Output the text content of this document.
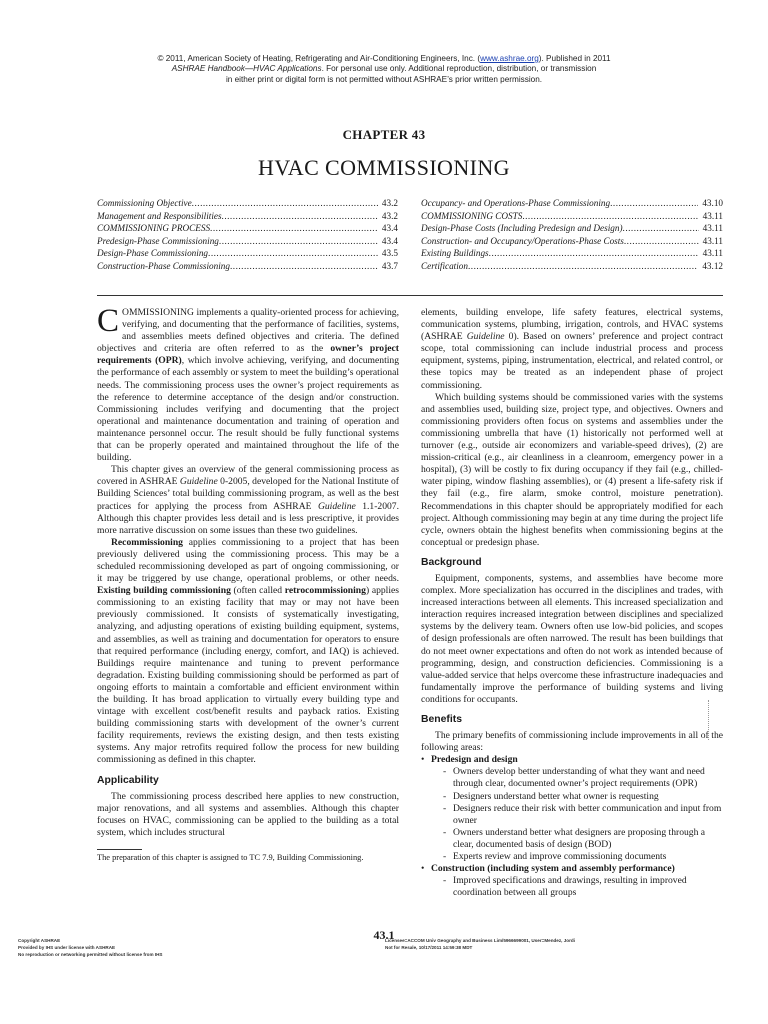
© 2011, American Society of Heating, Refrigerating and Air-Conditioning Engineers, Inc. (www.ashrae.org). Published in 2011
ASHRAE Handbook—HVAC Applications. For personal use only. Additional reproduction, distribution, or transmission
in either print or digital form is not permitted without ASHRAE’s prior written permission.
CHAPTER 43
HVAC COMMISSIONING
Commissioning Objective .....	43.2
Management and Responsibilities .....	43.2
COMMISSIONING PROCESS .....	43.4
Predesign-Phase Commissioning .....	43.4
Design-Phase Commissioning .....	43.5
Construction-Phase Commissioning .....	43.7
Occupancy- and Operations-Phase Commissioning .....	43.10
COMMISSIONING COSTS .....	43.11
Design-Phase Costs (Including Predesign and Design) .....	43.11
Construction- and Occupancy/Operations-Phase Costs .....	43.11
Existing Buildings .....	43.11
Certification .....	43.12

COMMISSIONING implements a quality-oriented process for achieving, verifying, and documenting that the performance of facilities, systems, and assemblies meets defined objectives and criteria. The defined objectives and criteria are often referred to as the owner’s project requirements (OPR), which involve achieving, verifying, and documenting the performance of each assembly or system to meet the building’s operational needs. The commissioning process uses the owner’s project requirements as the reference to determine acceptance of the design and/or construction. Commissioning includes verifying and documenting that the project operational and maintenance documentation and training of operation and maintenance personnel occur. The result should be fully functional systems that can be properly operated and maintained throughout the life of the building.

This chapter gives an overview of the general commissioning process as covered in ASHRAE Guideline 0-2005, developed for the National Institute of Building Sciences’ total building commissioning program, as well as the best practices for applying the process from ASHRAE Guideline 1.1-2007. Although this chapter provides less detail and is less prescriptive, it provides more narrative discussion on some issues than these two guidelines.

Recommissioning applies commissioning to a project that has been previously delivered using the commissioning process. This may be a scheduled recommissioning developed as part of ongoing commissioning, or it may be triggered by use change, operational problems, or other needs. Existing building commissioning (often called retrocommissioning) applies commissioning to an existing facility that may or may not have been previously commissioned. It consists of systematically investigating, analyzing, and adjusting operations of existing building equipment, systems, and assemblies, as well as training and documentation for operators to ensure that required performance (including energy, comfort, and IAQ) is achieved. Buildings require maintenance and tuning to prevent performance degradation. Existing building commissioning should be performed as part of ongoing efforts to maintain a comfortable and efficient environment within the building. It has broad application to virtually every building type and vintage with excellent cost/benefit results and payback ratios. Existing building commissioning starts with development of the owner’s current facility requirements, reviews the existing design, and then tests existing systems. Any major retrofits required follow the process for new building commissioning as defined in this chapter.

Applicability

The commissioning process described here applies to new construction, major renovations, and all systems and assemblies. Although this chapter focuses on HVAC, commissioning can be applied to the building as a total system, which includes structural

The preparation of this chapter is assigned to TC 7.9, Building Commissioning.

elements, building envelope, life safety features, electrical systems, communication systems, plumbing, irrigation, controls, and HVAC systems (ASHRAE Guideline 0). Based on owners’ preference and project contract scope, total commissioning can include industrial process and process equipment, systems, piping, instrumentation, electrical, and related control, or these topics may be treated as an independent phase of project commissioning.

Which building systems should be commissioned varies with the systems and assemblies used, building size, project type, and objectives. Owners and commissioning providers often focus on systems and assemblies under the commissioning umbrella that have (1) historically not performed well at turnover (e.g., outside air economizers and variable-speed drives), (2) are mission-critical (e.g., air cleanliness in a cleanroom, emergency power in a hospital), (3) will be costly to fix during occupancy if they fail (e.g., chilled-water piping, window flashing assemblies), or (4) present a life-safety risk if they fail (e.g., fire alarm, smoke control, moisture penetration). Recommendations in this chapter should be appropriately modified for each project. Although commissioning may begin at any time during the project life cycle, owners obtain the highest benefits when commissioning begins at the conceptual or predesign phase.

Background

Equipment, components, systems, and assemblies have become more complex. More specialization has occurred in the disciplines and trades, with increased interactions between all elements. This increased specialization and interaction requires increased integration between disciplines and specialized systems by the delivery team. Owners often use low-bid policies, and scopes of design professionals are often narrowed. The result has been buildings that do not meet owner expectations and often do not work as intended because of programming, design, and construction deficiencies. Commissioning is a value-added service that helps overcome these infrastructure inadequacies and fundamentally improve the performance of building systems and living conditions for occupants.

Benefits

The primary benefits of commissioning include improvements in all of the following areas:

• Predesign and design
- Owners develop better understanding of what they want and need through clear, documented owner’s project requirements (OPR)
- Designers understand better what owner is requesting
- Designers reduce their risk with better communication and input from owner
- Owners understand better what designers are proposing through a clear, documented basis of design (BOD)
- Experts review and improve commissioning documents
• Construction (including system and assembly performance)
- Improved specifications and drawings, resulting in improved coordination between all groups
43.1
Copyright ASHRAE
Provided by IHS under license with ASHRAE
No reproduction or networking permitted without license from IHS
Licensee=ACCOM Univ Geography and Business Lim/5966699001, User=Mendez, Jordi
Not for Resale, 10/17/2011 14:59:38 MDT
